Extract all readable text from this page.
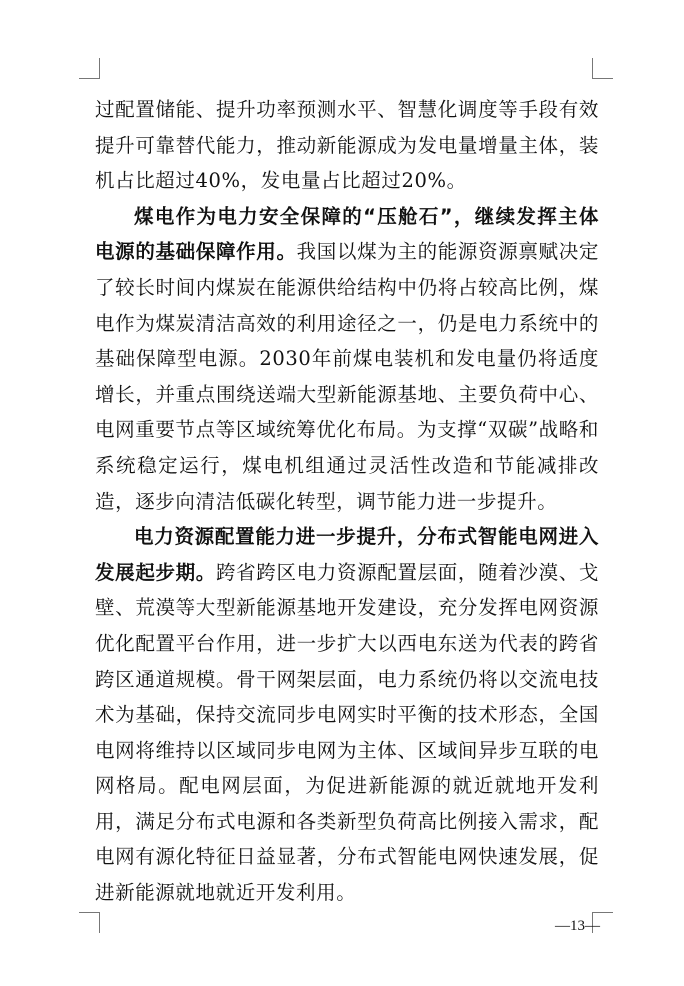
过配置储能、提升功率预测水平、智慧化调度等手段有效提升可靠替代能力，推动新能源成为发电量增量主体，装机占比超过40%，发电量占比超过20%。

煤电作为电力安全保障的“压舱石”，继续发挥主体电源的基础保障作用。我国以煤为主的能源资源禀赋决定了较长时间内煤炭在能源供给结构中仍将占较高比例，煤电作为煤炭清洁高效的利用途径之一，仍是电力系统中的基础保障型电源。2030年前煤电装机和发电量仍将适度增长，并重点围绕送端大型新能源基地、主要负荷中心、电网重要节点等区域统筹优化布局。为支撑“双碳”战略和系统稳定运行，煤电机组通过灵活性改造和节能减排改造，逐步向清洁低碳化转型，调节能力进一步提升。

电力资源配置能力进一步提升，分布式智能电网进入发展起步期。跨省跨区电力资源配置层面，随着沙漠、戈壁、荒漠等大型新能源基地开发建设，充分发挥电网资源优化配置平台作用，进一步扩大以西电东送为代表的跨省跨区通道规模。骨干网架层面，电力系统仍将以交流电技术为基础，保持交流同步电网实时平衡的技术形态，全国电网将维持以区域同步电网为主体、区域间异步互联的电网格局。配电网层面，为促进新能源的就近就地开发利用，满足分布式电源和各类新型负荷高比例接入需求，配电网有源化特征日益显著，分布式智能电网快速发展，促进新能源就地就近开发利用。

—13—
